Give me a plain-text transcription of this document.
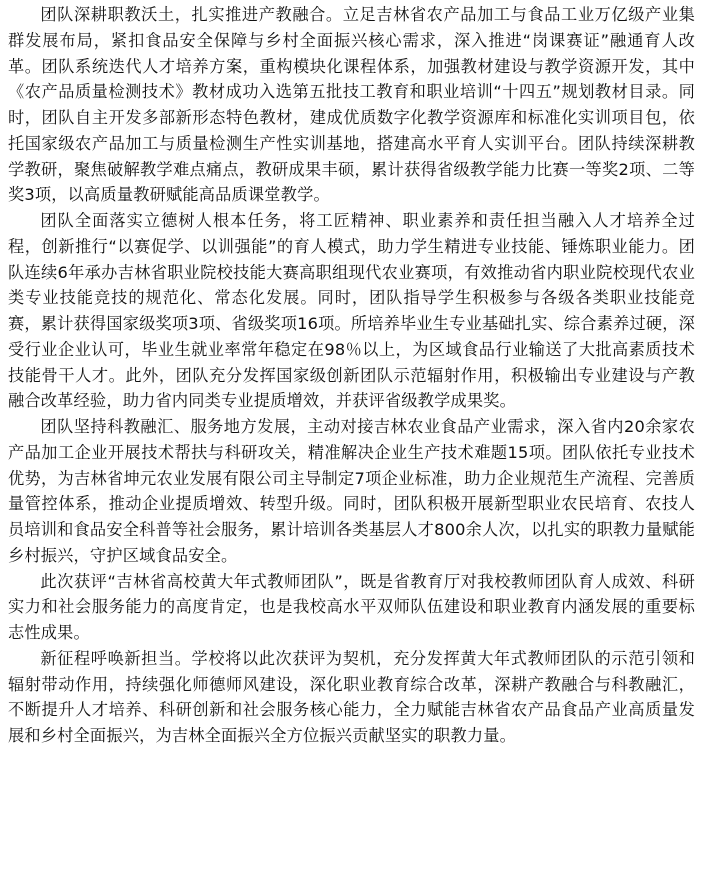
团队深耕职教沃土，扎实推进产教融合。立足吉林省农产品加工与食品工业万亿级产业集群发展布局，紧扣食品安全保障与乡村全面振兴核心需求，深入推进“岗课赛证”融通育人改革。团队系统迭代人才培养方案，重构模块化课程体系，加强教材建设与教学资源开发，其中《农产品质量检测技术》教材成功入选第五批技工教育和职业培训“十四五”规划教材目录。同时，团队自主开发多部新形态特色教材，建成优质数字化教学资源库和标准化实训项目包，依托国家级农产品加工与质量检测生产性实训基地，搭建高水平育人实训平台。团队持续深耕教学教研，聚焦破解教学难点痛点，教研成果丰硕，累计获得省级教学能力比赛一等奖2项、二等奖3项，以高质量教研赋能高品质课堂教学。

团队全面落实立德树人根本任务，将工匠精神、职业素养和责任担当融入人才培养全过程，创新推行“以赛促学、以训强能”的育人模式，助力学生精进专业技能、锤炼职业能力。团队连续6年承办吉林省职业院校技能大赛高职组现代农业赛项，有效推动省内职业院校现代农业类专业技能竞技的规范化、常态化发展。同时，团队指导学生积极参与各级各类职业技能竞赛，累计获得国家级奖项3项、省级奖项16项。所培养毕业生专业基础扎实、综合素养过硬，深受行业企业认可，毕业生就业率常年稳定在98％以上，为区域食品行业输送了大批高素质技术技能骨干人才。此外，团队充分发挥国家级创新团队示范辐射作用，积极输出专业建设与产教融合改革经验，助力省内同类专业提质增效，并获评省级教学成果奖。

团队坚持科教融汇、服务地方发展，主动对接吉林农业食品产业需求，深入省内20余家农产品加工企业开展技术帮扶与科研攻关，精准解决企业生产技术难题15项。团队依托专业技术优势，为吉林省坤元农业发展有限公司主导制定7项企业标准，助力企业规范生产流程、完善质量管控体系，推动企业提质增效、转型升级。同时，团队积极开展新型职业农民培育、农技人员培训和食品安全科普等社会服务，累计培训各类基层人才800余人次，以扎实的职教力量赋能乡村振兴，守护区域食品安全。

此次获评“吉林省高校黄大年式教师团队”，既是省教育厅对我校教师团队育人成效、科研实力和社会服务能力的高度肯定，也是我校高水平双师队伍建设和职业教育内涵发展的重要标志性成果。

新征程呼唤新担当。学校将以此次获评为契机，充分发挥黄大年式教师团队的示范引领和辐射带动作用，持续强化师德师风建设，深化职业教育综合改革，深耕产教融合与科教融汇，不断提升人才培养、科研创新和社会服务核心能力，全力赋能吉林省农产品食品产业高质量发展和乡村全面振兴，为吉林全面振兴全方位振兴贡献坚实的职教力量。
